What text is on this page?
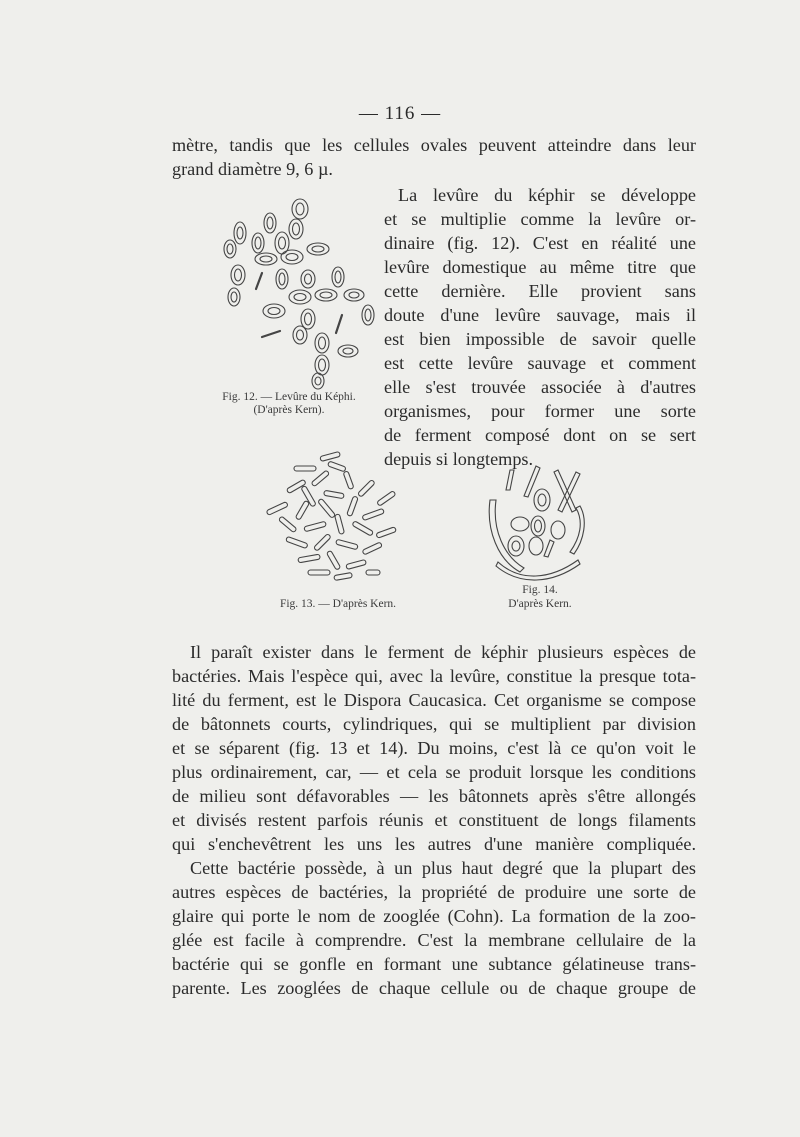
— 116 —
mètre, tandis que les cellules ovales peuvent atteindre dans leur
grand diamètre 9, 6 µ.
Fig. 12. — Levûre du Képhi.
(D'après Kern).
La levûre du képhir se développe
et se multiplie comme la levûre or-
dinaire (fig. 12). C'est en réalité une
levûre domestique au même titre que
cette dernière. Elle provient sans
doute d'une levûre sauvage, mais il
est bien impossible de savoir quelle
est cette levûre sauvage et comment
elle s'est trouvée associée à d'autres
organismes, pour former une sorte
de ferment composé dont on se sert
depuis si longtemps.
Fig. 13. — D'après Kern.
Fig. 14.
D'après Kern.
Il paraît exister dans le ferment de képhir plusieurs espèces de
bactéries. Mais l'espèce qui, avec la levûre, constitue la presque tota-
lité du ferment, est le Dispora Caucasica. Cet organisme se compose
de bâtonnets courts, cylindriques, qui se multiplient par division
et se séparent (fig. 13 et 14). Du moins, c'est là ce qu'on voit le
plus ordinairement, car, — et cela se produit lorsque les conditions
de milieu sont défavorables — les bâtonnets après s'être allongés
et divisés restent parfois réunis et constituent de longs filaments
qui s'enchevêtrent les uns les autres d'une manière compliquée.
Cette bactérie possède, à un plus haut degré que la plupart des
autres espèces de bactéries, la propriété de produire une sorte de
glaire qui porte le nom de zooglée (Cohn). La formation de la zoo-
glée est facile à comprendre. C'est la membrane cellulaire de la
bactérie qui se gonfle en formant une subtance gélatineuse trans-
parente. Les zooglées de chaque cellule ou de chaque groupe de
